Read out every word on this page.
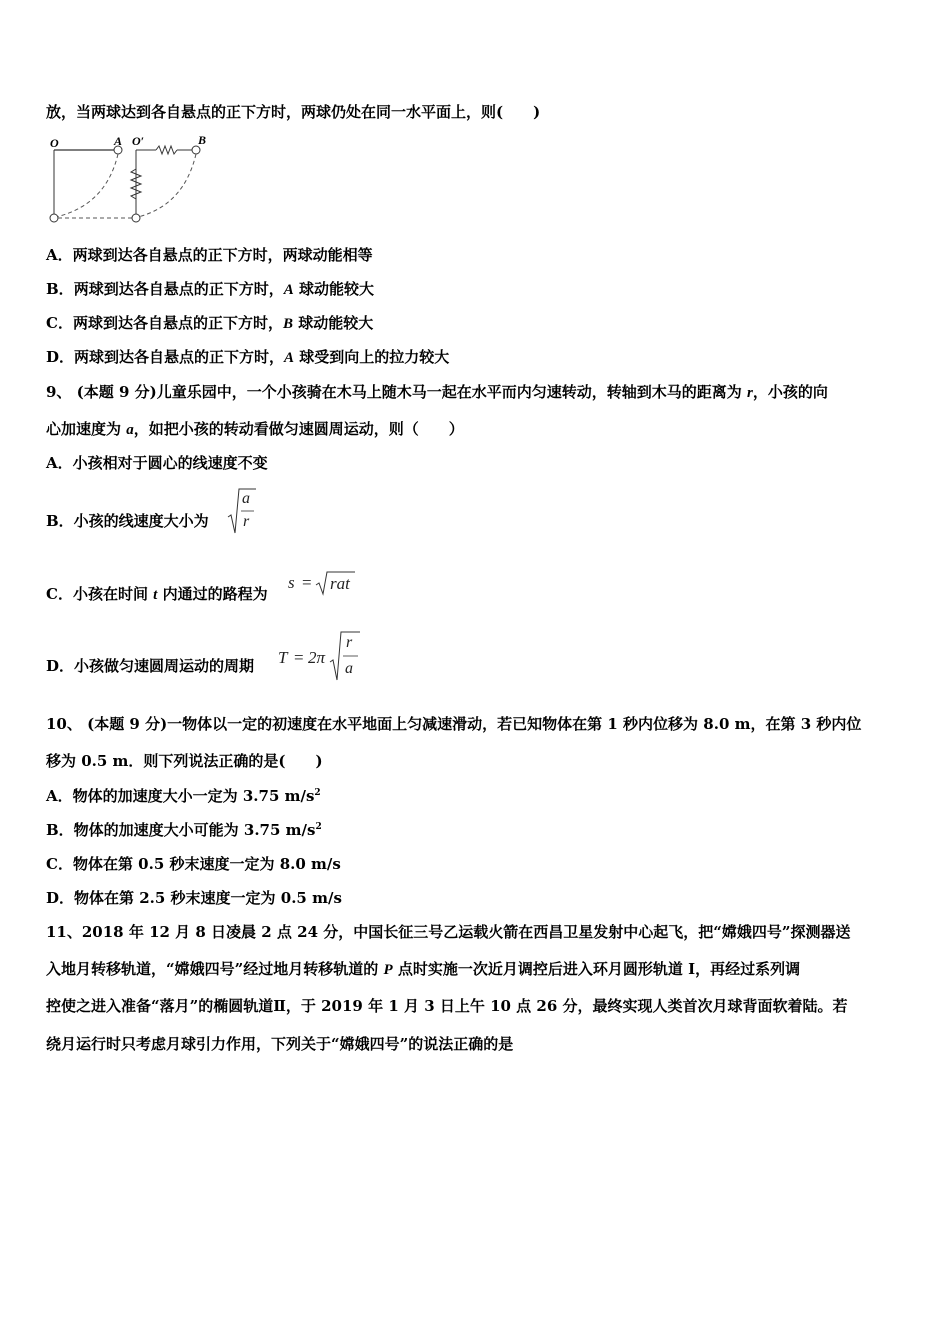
放，当两球达到各自悬点的正下方时，两球仍处在同一水平面上，则(　　)
O	A O′	B
A．两球到达各自悬点的正下方时，两球动能相等
B．两球到达各自悬点的正下方时，A 球动能较大
C．两球到达各自悬点的正下方时，B 球动能较大
D．两球到达各自悬点的正下方时，A 球受到向上的拉力较大
9、 (本题 9 分)儿童乐园中，一个小孩骑在木马上随木马一起在水平而内匀速转动，转轴到木马的距离为 r，小孩的向
心加速度为 a，如把小孩的转动看做匀速圆周运动，则（　　）
A．小孩相对于圆心的线速度不变
B．小孩的线速度大小为
a
r
C．小孩在时间 t 内通过的路程为
s = rat
D．小孩做匀速圆周运动的周期 T = 2π
r
a
10、 (本题 9 分)一物体以一定的初速度在水平地面上匀减速滑动，若已知物体在第 1 秒内位移为 8.0 m，在第 3 秒内位
移为 0.5 m．则下列说法正确的是(　　)
A．物体的加速度大小一定为 3.75 $m/s^2$
B．物体的加速度大小可能为 3.75 $m/s^2$
C．物体在第 0.5 秒末速度一定为 8.0 m/s
D．物体在第 2.5 秒末速度一定为 0.5 m/s
11、2018 年 12 月 8 日凌晨 2 点 24 分，中国长征三号乙运载火箭在西昌卫星发射中心起飞，把“嫦娥四号”探测器送
入地月转移轨道，“嫦娥四号”经过地月转移轨道的 P 点时实施一次近月调控后进入环月圆形轨道 I，再经过系列调
控使之进入准备“落月”的椭圆轨道Ⅱ，于 2019 年 1 月 3 日上午 10 点 26 分，最终实现人类首次月球背面软着陆。若
绕月运行时只考虑月球引力作用，下列关于“嫦娥四号”的说法正确的是
